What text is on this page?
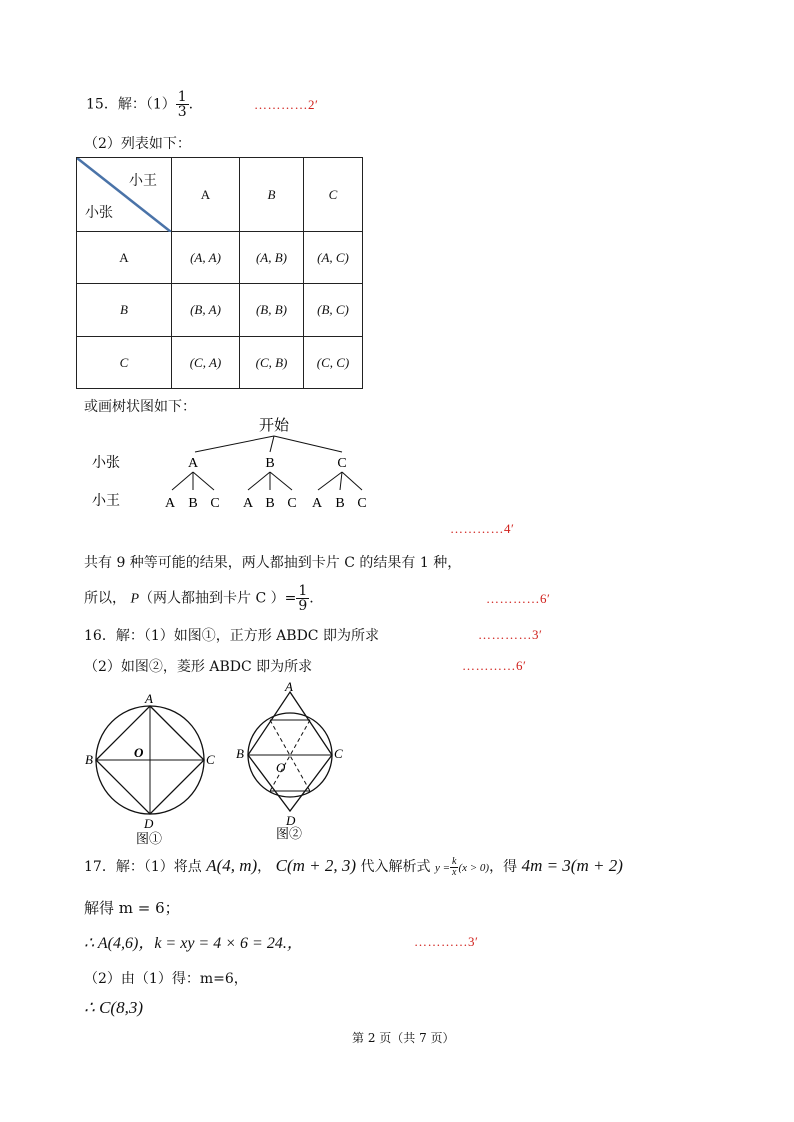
15．解：$(1) \frac{1}{3}$ .	…………2′
（2）列表如下：
小王
小张	A	B	C
A	(A, A)	(A, B)	(A, C)
B	(B, A)	(B, B)	(B, C)
C	(C, A)	(C, B)	(C, C)
或画树状图如下：
开始
小张	A	B	C
小王	A B C A B C A B C
…………4′
共有 9 种等可能的结果，两人都抽到卡片 C 的结果有 1 种，
所以， P（两人都抽到卡片 C ）= $\frac{1}{9}$ .	…………6′
16．解：（1）如图①，正方形 ABDC 即为所求	…………3′
（2）如图②，菱形 ABDC 即为所求	…………6′
A
B	C
D
O
图①
A
B	C
D
O
图②
17．解：（1）将点 A(4, m)， C(m + 2, 3) 代入解析式 $y = \frac{k}{x} (x > 0)$，得 4m = 3(m + 2)
解得 m = 6；
∴ A(4,6)，k = xy = 4 × 6 = 24.，	…………3′
（2）由（1）得：m=6，
∴ C(8,3)
第 2 页（共 7 页）
